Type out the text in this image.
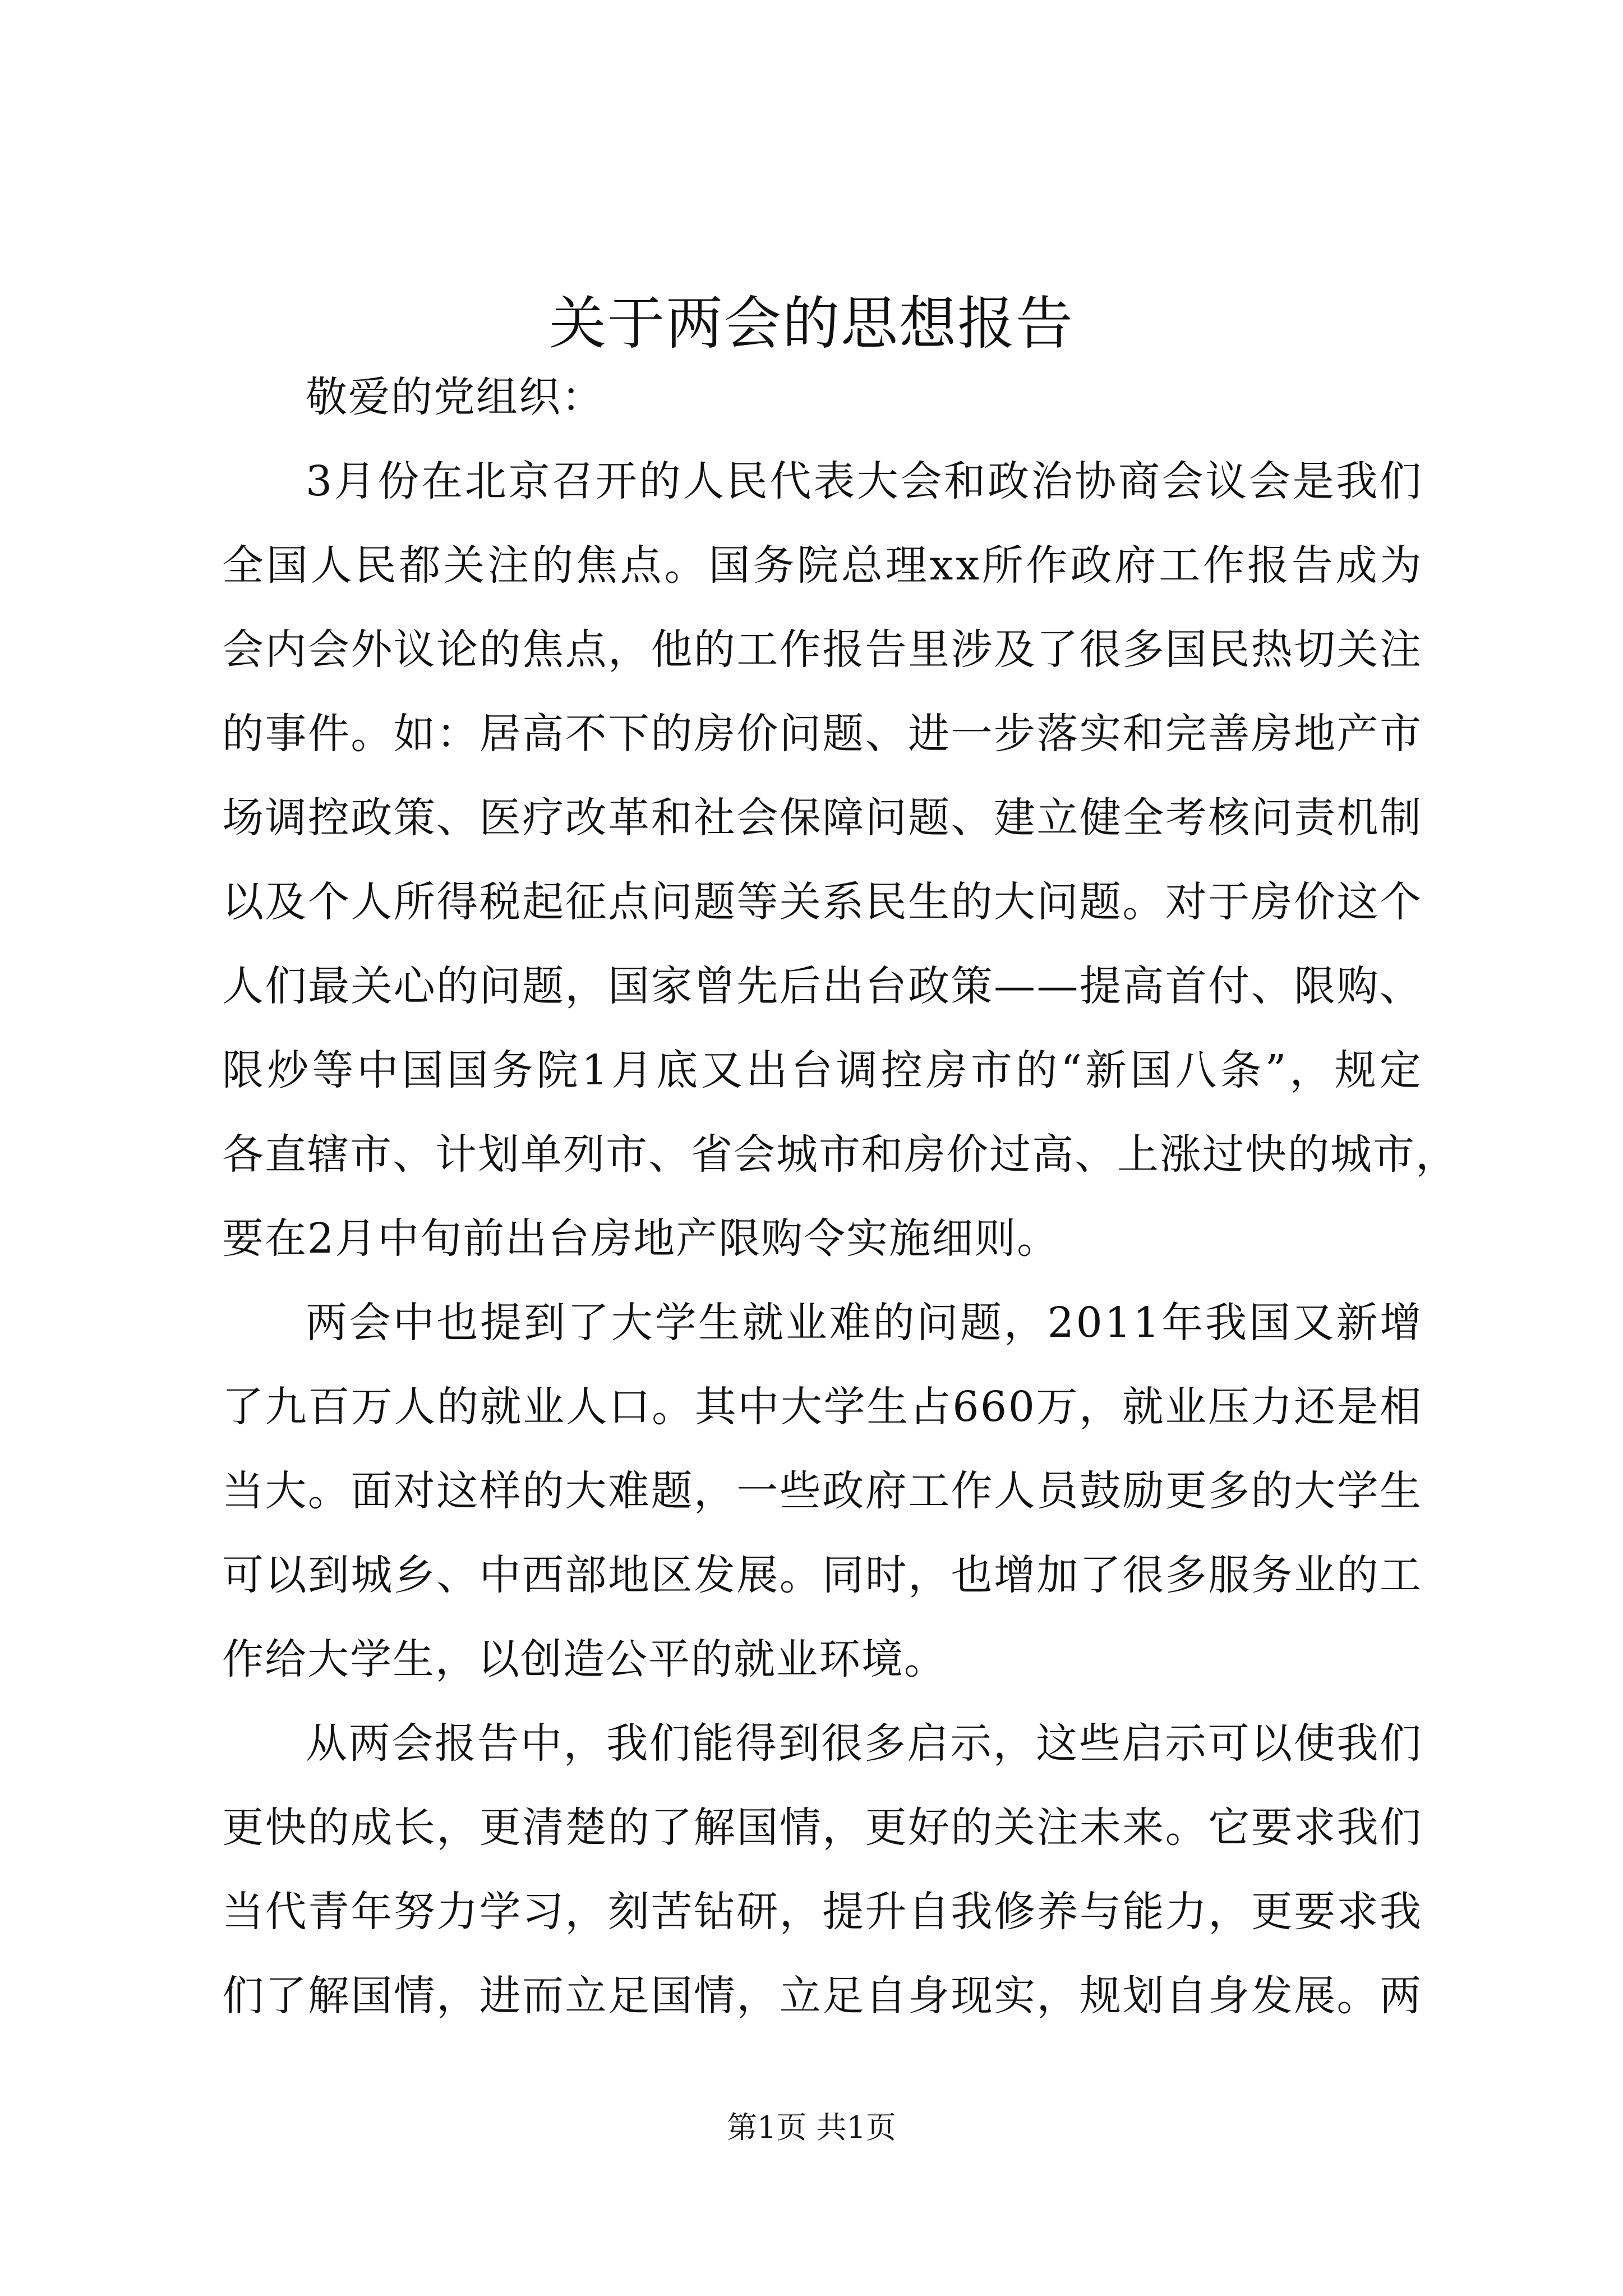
关于两会的思想报告
敬爱的党组织：
3月份在北京召开的人民代表大会和政治协商会议会是我们
全国人民都关注的焦点。国务院总理xx所作政府工作报告成为
会内会外议论的焦点，他的工作报告里涉及了很多国民热切关注
的事件。如：居高不下的房价问题、进一步落实和完善房地产市
场调控政策、医疗改革和社会保障问题、建立健全考核问责机制
以及个人所得税起征点问题等关系民生的大问题。对于房价这个
人们最关心的问题，国家曾先后出台政策——提高首付、限购、
限炒等中国国务院1月底又出台调控房市的“新国八条”，规定
各直辖市、计划单列市、省会城市和房价过高、上涨过快的城市，
要在2月中旬前出台房地产限购令实施细则。
两会中也提到了大学生就业难的问题，2011年我国又新增
了九百万人的就业人口。其中大学生占660万，就业压力还是相
当大。面对这样的大难题，一些政府工作人员鼓励更多的大学生
可以到城乡、中西部地区发展。同时，也增加了很多服务业的工
作给大学生，以创造公平的就业环境。
从两会报告中，我们能得到很多启示，这些启示可以使我们
更快的成长，更清楚的了解国情，更好的关注未来。它要求我们
当代青年努力学习，刻苦钻研，提升自我修养与能力，更要求我
们了解国情，进而立足国情，立足自身现实，规划自身发展。两
第1页 共1页
